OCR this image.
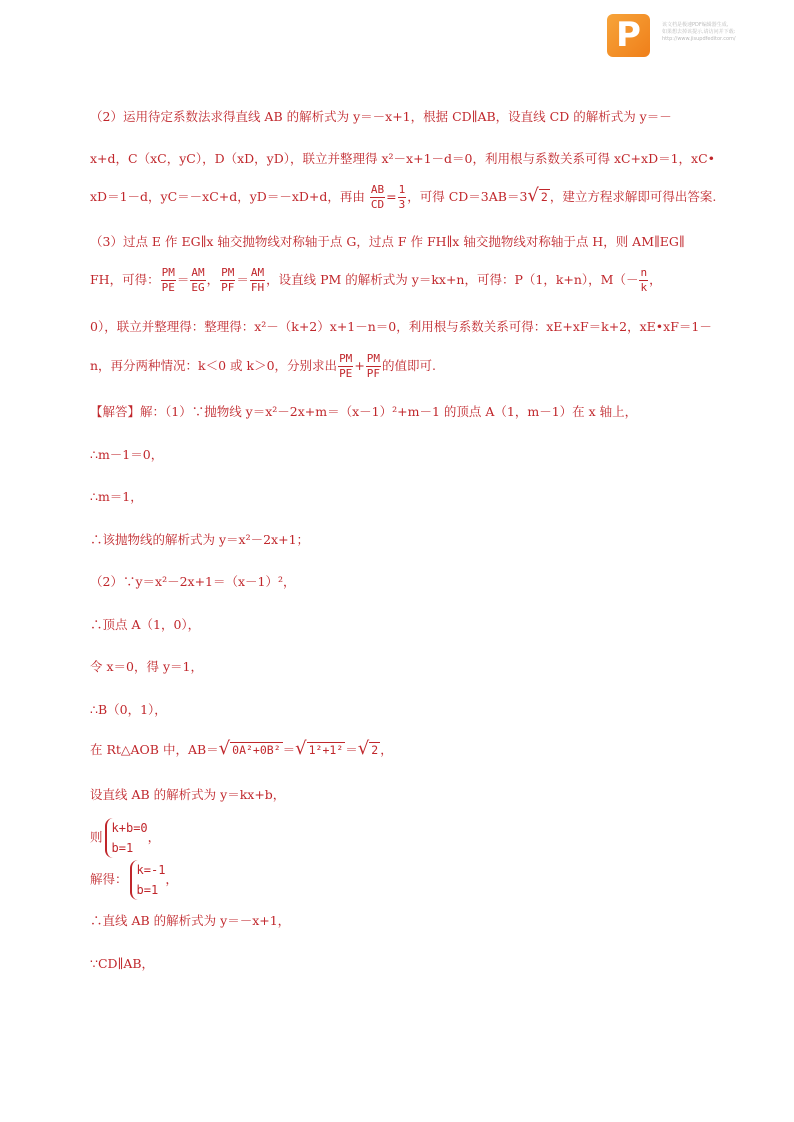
P	该文档是极速PDF编辑器生成,
如果想去掉该提示,请访问并下载:
http://www.jisupdfeditor.com/
（2）运用待定系数法求得直线 AB 的解析式为 y＝－x+1，根据 CD∥AB，设直线 CD 的解析式为 y＝－
x+d，C（xC，yC），D（xD，yD），联立并整理得 x²－x+1－d＝0，利用根与系数关系可得 xC+xD＝1，xC•
xD＝1－d，yC＝－xC+d，yD＝－xD+d，再由 $\frac{AB}{CD} = \frac{1}{3}$ ，可得 CD＝3AB＝3√ 2 ，建立方程求解即可得出答案.
（3）过点 E 作 EG∥x 轴交抛物线对称轴于点 G，过点 F 作 FH∥x 轴交抛物线对称轴于点 H，则 AM∥EG∥
FH，可得： $\frac{PM}{PE} = \frac{AM}{EG}$ ， $\frac{PM}{PF} = \frac{AM}{FH}$ ，设直线 PM 的解析式为 y＝kx+n，可得：P（1，k+n），$M(- \frac{n}{k}$ ，
0），联立并整理得：整理得：x²－（k+2）x+1－n＝0，利用根与系数关系可得：xE+xF＝k+2，xE•xF＝1－
n，再分两种情况：k＜0 或 k＞0，分别求出 $\frac{PM}{PE} + \frac{PM}{PF}$ 的值即可.
【解答】解：（1）∵抛物线 y＝x²－2x+m＝（x－1）²+m－1 的顶点 A（1，m－1）在 x 轴上，
∴m－1＝0，
∴m＝1，
∴该抛物线的解析式为 y＝x²－2x+1；
（2）∵y＝x²－2x+1＝（x－1）²，
∴顶点 A（1，0），
令 x＝0，得 y＝1，
∴B（0，1），
在 Rt△AOB 中，AB＝√ 0A²+0B² ＝√ 1²+1² ＝√ 2 ，
设直线 AB 的解析式为 y＝kx+b，
则
k+b=0
b=1
，
解得：
k=-1
b=1
，
∴直线 AB 的解析式为 y＝－x+1，
∵CD∥AB，
